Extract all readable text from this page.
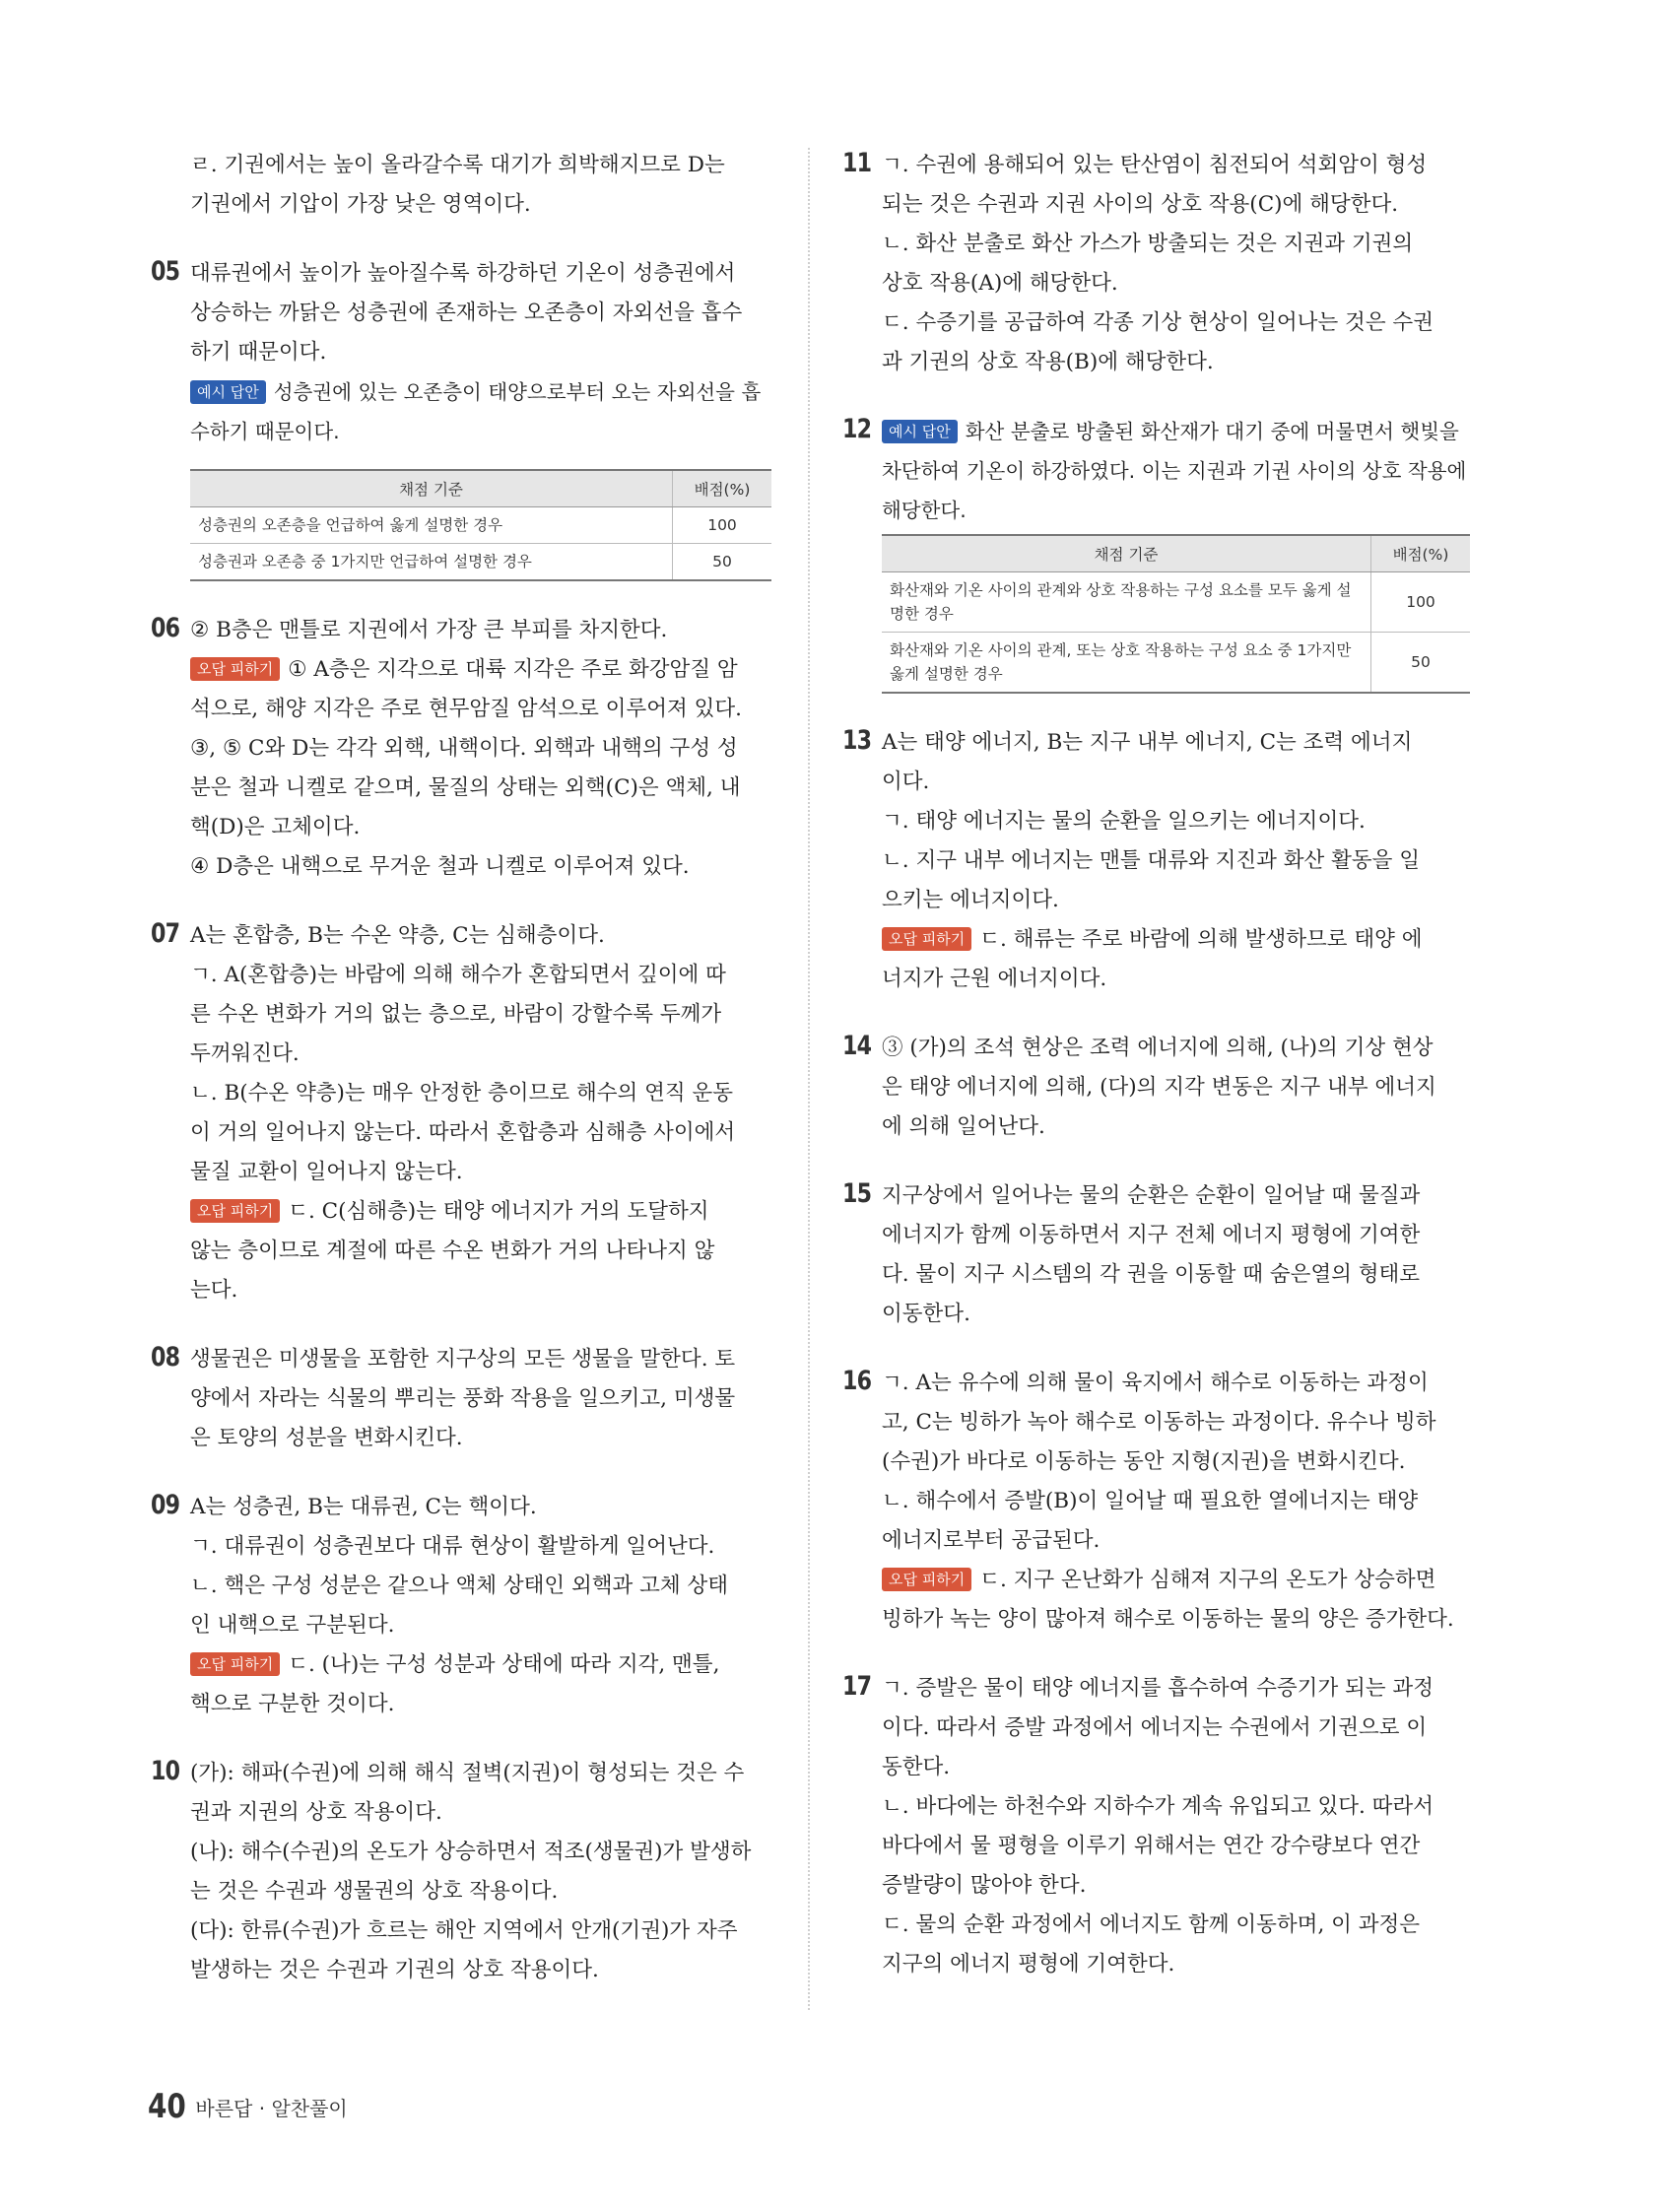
ㄹ. 기권에서는 높이 올라갈수록 대기가 희박해지므로 D는

기권에서 기압이 가장 낮은 영역이다.

05 대류권에서 높이가 높아질수록 하강하던 기온이 성층권에서

상승하는 까닭은 성층권에 존재하는 오존층이 자외선을 흡수

하기 때문이다.

예시 답안 성층권에 있는 오존층이 태양으로부터 오는 자외선을 흡

수하기 때문이다.

채점 기준	배점(%)
성층권의 오존층을 언급하여 옳게 설명한 경우	100
성층권과 오존층 중 1가지만 언급하여 설명한 경우	50
06 ② B층은 맨틀로 지권에서 가장 큰 부피를 차지한다.

오답 피하기 ① A층은 지각으로 대륙 지각은 주로 화강암질 암

석으로, 해양 지각은 주로 현무암질 암석으로 이루어져 있다.

③, ⑤ C와 D는 각각 외핵, 내핵이다. 외핵과 내핵의 구성 성

분은 철과 니켈로 같으며, 물질의 상태는 외핵(C)은 액체, 내

핵(D)은 고체이다.

④ D층은 내핵으로 무거운 철과 니켈로 이루어져 있다.

07 A는 혼합층, B는 수온 약층, C는 심해층이다.

ㄱ. A(혼합층)는 바람에 의해 해수가 혼합되면서 깊이에 따

른 수온 변화가 거의 없는 층으로, 바람이 강할수록 두께가

두꺼워진다.

ㄴ. B(수온 약층)는 매우 안정한 층이므로 해수의 연직 운동

이 거의 일어나지 않는다. 따라서 혼합층과 심해층 사이에서

물질 교환이 일어나지 않는다.

오답 피하기 ㄷ. C(심해층)는 태양 에너지가 거의 도달하지

않는 층이므로 계절에 따른 수온 변화가 거의 나타나지 않

는다.

08 생물권은 미생물을 포함한 지구상의 모든 생물을 말한다. 토

양에서 자라는 식물의 뿌리는 풍화 작용을 일으키고, 미생물

은 토양의 성분을 변화시킨다.

09 A는 성층권, B는 대류권, C는 핵이다.

ㄱ. 대류권이 성층권보다 대류 현상이 활발하게 일어난다.

ㄴ. 핵은 구성 성분은 같으나 액체 상태인 외핵과 고체 상태

인 내핵으로 구분된다.

오답 피하기 ㄷ. (나)는 구성 성분과 상태에 따라 지각, 맨틀,

핵으로 구분한 것이다.

10 (가): 해파(수권)에 의해 해식 절벽(지권)이 형성되는 것은 수

권과 지권의 상호 작용이다.

(나): 해수(수권)의 온도가 상승하면서 적조(생물권)가 발생하

는 것은 수권과 생물권의 상호 작용이다.

(다): 한류(수권)가 흐르는 해안 지역에서 안개(기권)가 자주

발생하는 것은 수권과 기권의 상호 작용이다.

11 ㄱ. 수권에 용해되어 있는 탄산염이 침전되어 석회암이 형성

되는 것은 수권과 지권 사이의 상호 작용(C)에 해당한다.

ㄴ. 화산 분출로 화산 가스가 방출되는 것은 지권과 기권의

상호 작용(A)에 해당한다.

ㄷ. 수증기를 공급하여 각종 기상 현상이 일어나는 것은 수권

과 기권의 상호 작용(B)에 해당한다.

12	예시 답안 화산 분출로 방출된 화산재가 대기 중에 머물면서 햇빛을

차단하여 기온이 하강하였다. 이는 지권과 기권 사이의 상호 작용에

해당한다.

채점 기준	배점(%)
화산재와 기온 사이의 관계와 상호 작용하는 구성 요소를 모두 옳게 설명한 경우	100
화산재와 기온 사이의 관계, 또는 상호 작용하는 구성 요소 중 1가지만 옳게 설명한 경우	50
13 A는 태양 에너지, B는 지구 내부 에너지, C는 조력 에너지

이다.

ㄱ. 태양 에너지는 물의 순환을 일으키는 에너지이다.

ㄴ. 지구 내부 에너지는 맨틀 대류와 지진과 화산 활동을 일

으키는 에너지이다.

오답 피하기 ㄷ. 해류는 주로 바람에 의해 발생하므로 태양 에

너지가 근원 에너지이다.

14 ③ (가)의 조석 현상은 조력 에너지에 의해, (나)의 기상 현상

은 태양 에너지에 의해, (다)의 지각 변동은 지구 내부 에너지

에 의해 일어난다.

15 지구상에서 일어나는 물의 순환은 순환이 일어날 때 물질과

에너지가 함께 이동하면서 지구 전체 에너지 평형에 기여한

다. 물이 지구 시스템의 각 권을 이동할 때 숨은열의 형태로

이동한다.

16 ㄱ. A는 유수에 의해 물이 육지에서 해수로 이동하는 과정이

고, C는 빙하가 녹아 해수로 이동하는 과정이다. 유수나 빙하

(수권)가 바다로 이동하는 동안 지형(지권)을 변화시킨다.

ㄴ. 해수에서 증발(B)이 일어날 때 필요한 열에너지는 태양

에너지로부터 공급된다.

오답 피하기 ㄷ. 지구 온난화가 심해져 지구의 온도가 상승하면

빙하가 녹는 양이 많아져 해수로 이동하는 물의 양은 증가한다.

17 ㄱ. 증발은 물이 태양 에너지를 흡수하여 수증기가 되는 과정

이다. 따라서 증발 과정에서 에너지는 수권에서 기권으로 이

동한다.

ㄴ. 바다에는 하천수와 지하수가 계속 유입되고 있다. 따라서

바다에서 물 평형을 이루기 위해서는 연간 강수량보다 연간

증발량이 많아야 한다.

ㄷ. 물의 순환 과정에서 에너지도 함께 이동하며, 이 과정은

지구의 에너지 평형에 기여한다.

40 바른답 · 알찬풀이
